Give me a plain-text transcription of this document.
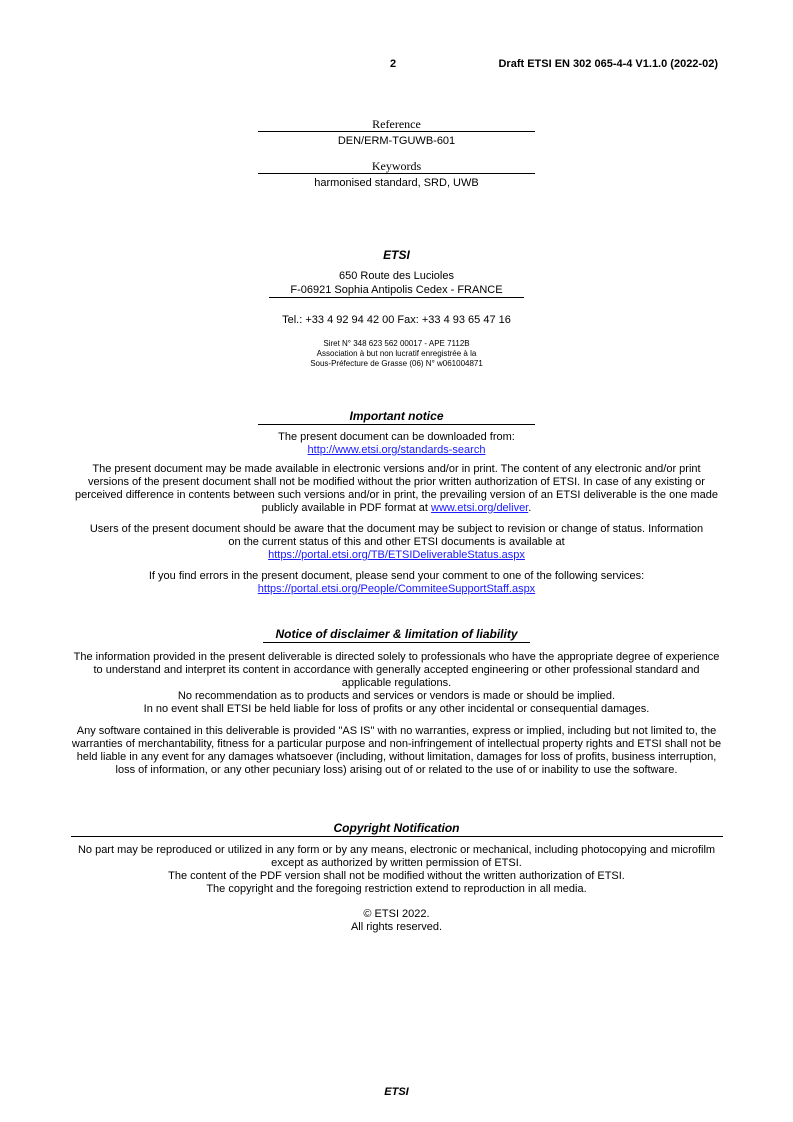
2	Draft ETSI EN 302 065-4-4 V1.1.0 (2022-02)
Reference
DEN/ERM-TGUWB-601
Keywords
harmonised standard, SRD, UWB
ETSI
650 Route des Lucioles
F-06921 Sophia Antipolis Cedex - FRANCE
Tel.: +33 4 92 94 42 00 Fax: +33 4 93 65 47 16
Siret N° 348 623 562 00017 - APE 7112B
Association à but non lucratif enregistrée à la
Sous-Préfecture de Grasse (06) N° w061004871
Important notice
The present document can be downloaded from:
http://www.etsi.org/standards-search
The present document may be made available in electronic versions and/or in print. The content of any electronic and/or print versions of the present document shall not be modified without the prior written authorization of ETSI. In case of any existing or perceived difference in contents between such versions and/or in print, the prevailing version of an ETSI deliverable is the one made publicly available in PDF format at www.etsi.org/deliver.
Users of the present document should be aware that the document may be subject to revision or change of status. Information on the current status of this and other ETSI documents is available at
https://portal.etsi.org/TB/ETSIDeliverableStatus.aspx
If you find errors in the present document, please send your comment to one of the following services:
https://portal.etsi.org/People/CommiteeSupportStaff.aspx
Notice of disclaimer & limitation of liability
The information provided in the present deliverable is directed solely to professionals who have the appropriate degree of experience to understand and interpret its content in accordance with generally accepted engineering or other professional standard and applicable regulations.
No recommendation as to products and services or vendors is made or should be implied.
In no event shall ETSI be held liable for loss of profits or any other incidental or consequential damages.
Any software contained in this deliverable is provided "AS IS" with no warranties, express or implied, including but not limited to, the warranties of merchantability, fitness for a particular purpose and non-infringement of intellectual property rights and ETSI shall not be held liable in any event for any damages whatsoever (including, without limitation, damages for loss of profits, business interruption, loss of information, or any other pecuniary loss) arising out of or related to the use of or inability to use the software.
Copyright Notification
No part may be reproduced or utilized in any form or by any means, electronic or mechanical, including photocopying and microfilm except as authorized by written permission of ETSI.
The content of the PDF version shall not be modified without the written authorization of ETSI.
The copyright and the foregoing restriction extend to reproduction in all media.
© ETSI 2022.
All rights reserved.
ETSI
